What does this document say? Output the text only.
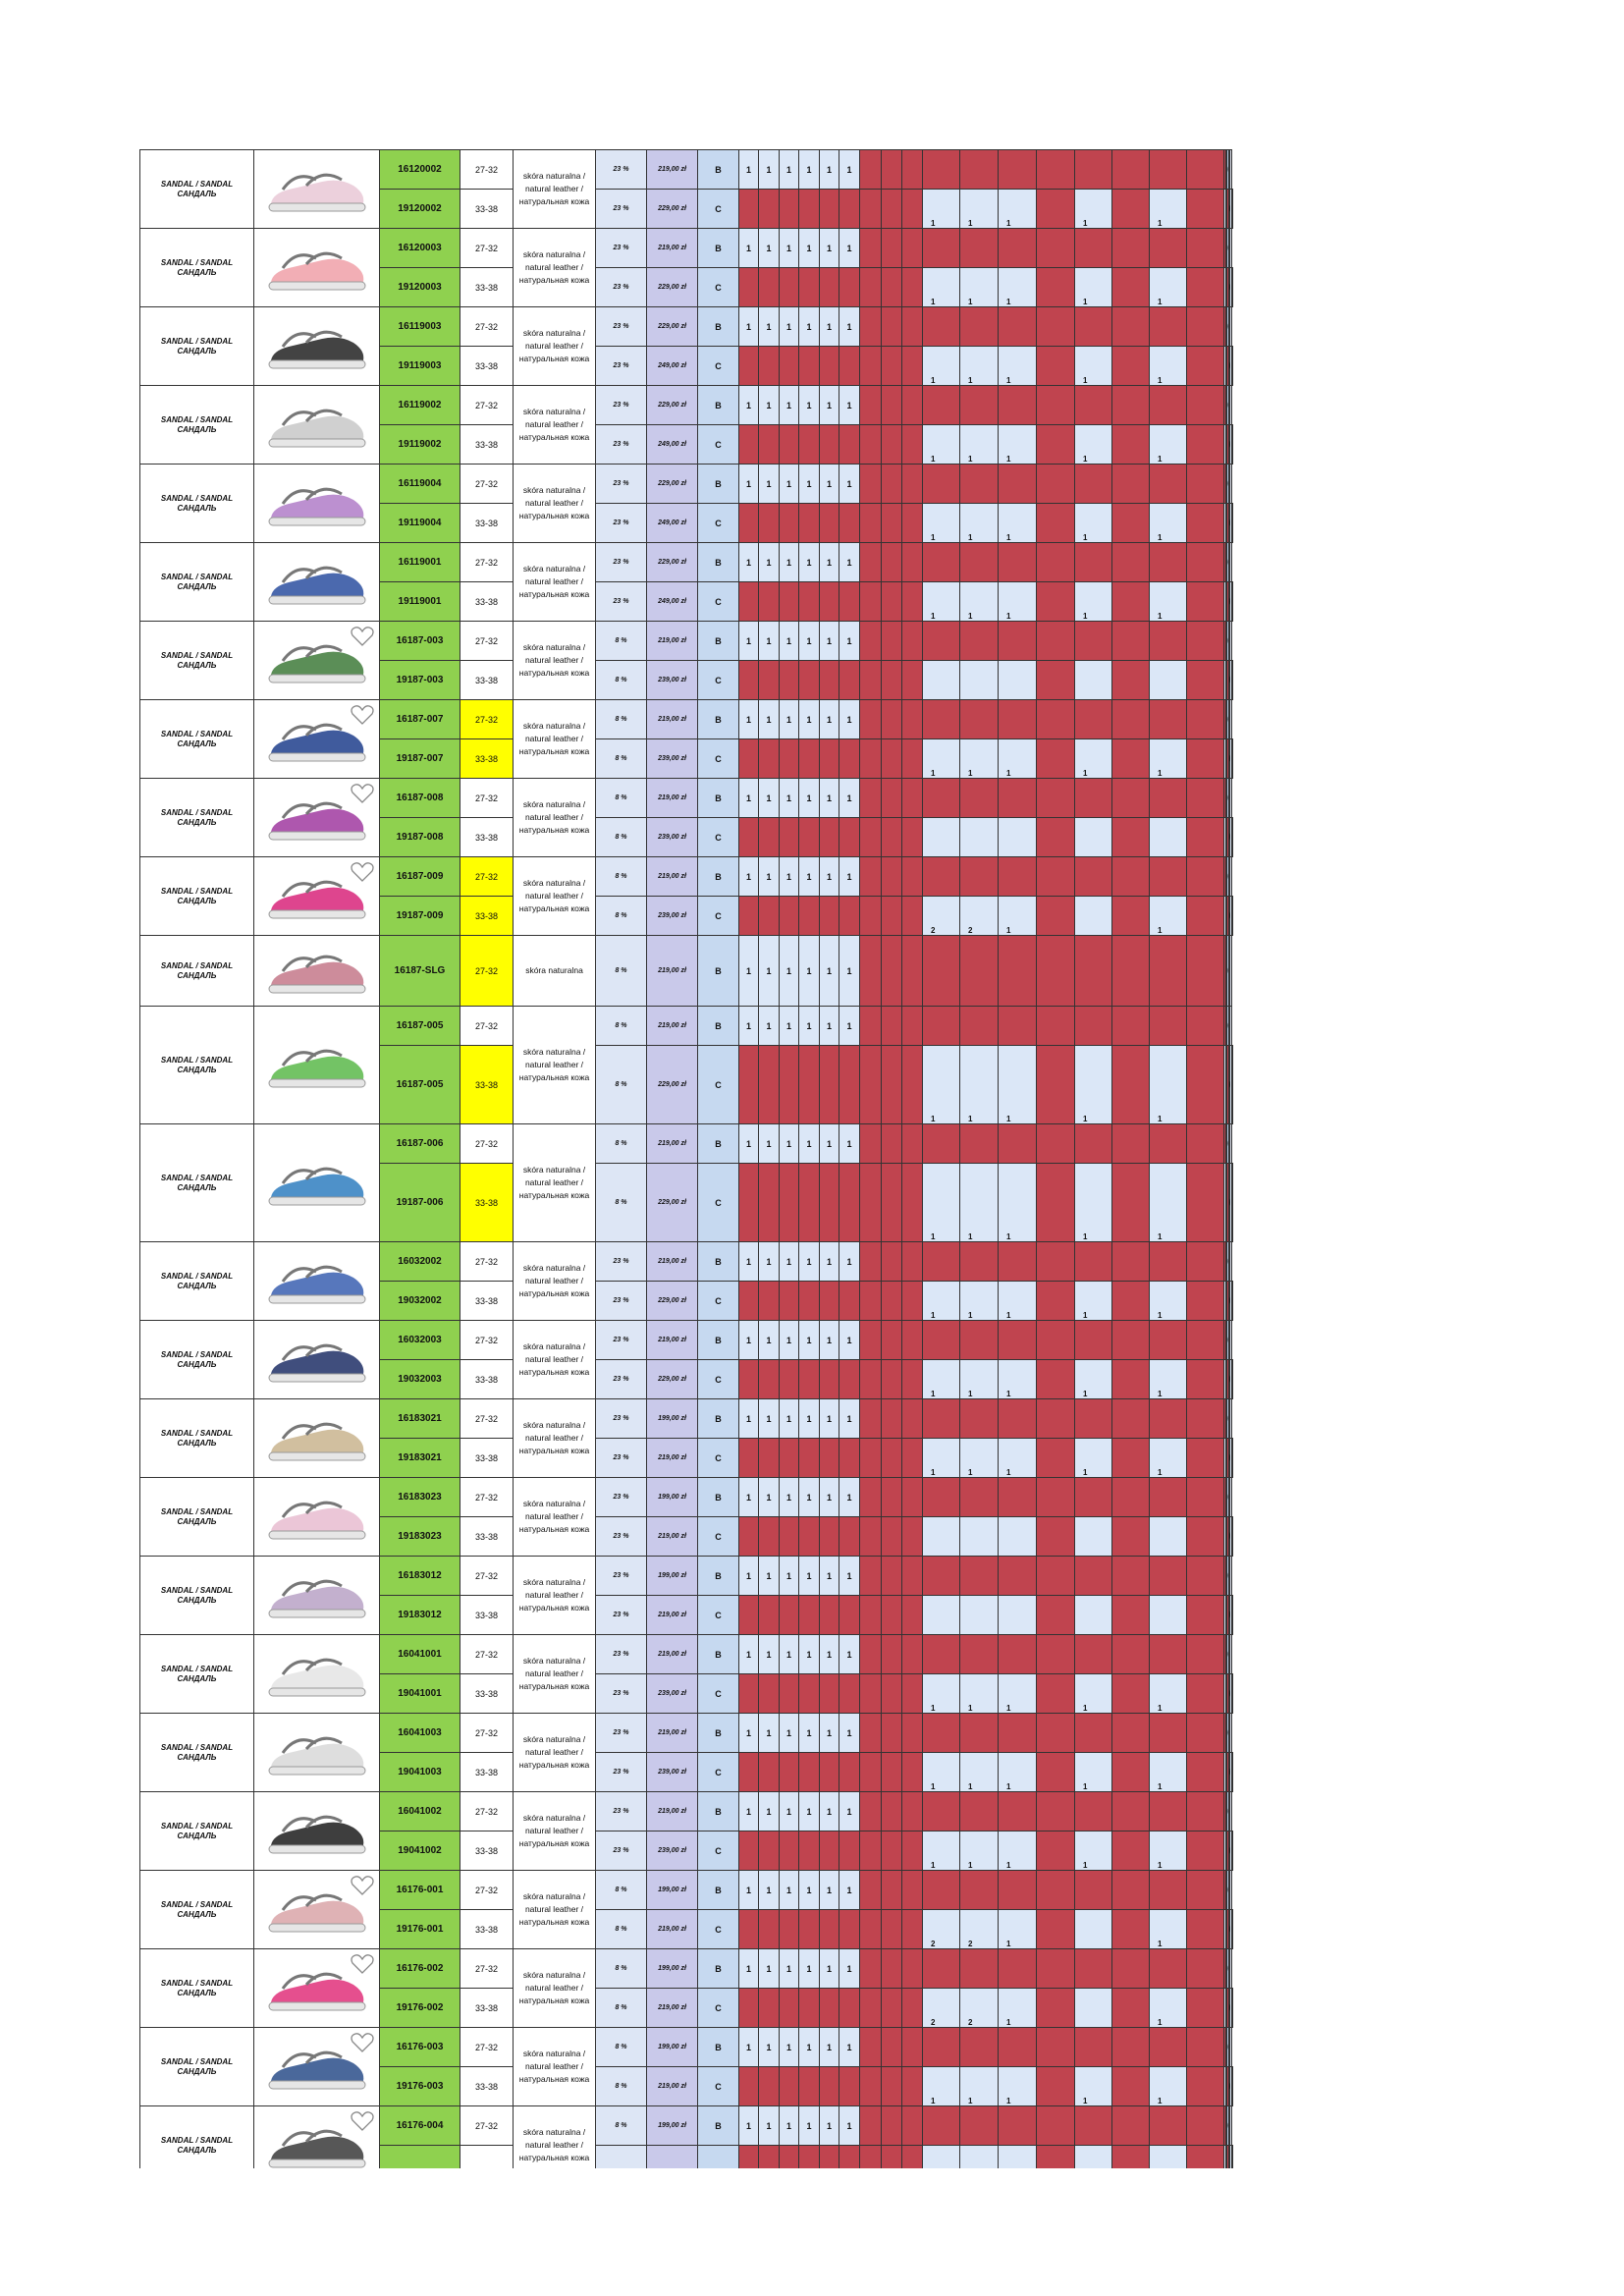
SANDAL / SANDAL
САНДАЛЬ		16120002	27-32	skóra naturalna /
natural leather /
натуральная кожа	23 %	219,00 zł	B	1	1	1	1	1	1																
		19120002	33-38		23 %	229,00 zł	C										1	1	1		1		1

SANDAL / SANDAL
САНДАЛЬ		16120003	27-32	skóra naturalna /
natural leather /
натуральная кожа	23 %	219,00 zł	B	1	1	1	1	1	1																
		19120003	33-38		23 %	229,00 zł	C										1	1	1		1		1

SANDAL / SANDAL
САНДАЛЬ		16119003	27-32	skóra naturalna /
natural leather /
натуральная кожа	23 %	229,00 zł	B	1	1	1	1	1	1																
		19119003	33-38		23 %	249,00 zł	C										1	1	1		1		1

SANDAL / SANDAL
САНДАЛЬ		16119002	27-32	skóra naturalna /
natural leather /
натуральная кожа	23 %	229,00 zł	B	1	1	1	1	1	1																
		19119002	33-38		23 %	249,00 zł	C										1	1	1		1		1

SANDAL / SANDAL
САНДАЛЬ		16119004	27-32	skóra naturalna /
natural leather /
натуральная кожа	23 %	229,00 zł	B	1	1	1	1	1	1																
		19119004	33-38		23 %	249,00 zł	C										1	1	1		1		1

SANDAL / SANDAL
САНДАЛЬ		16119001	27-32	skóra naturalna /
natural leather /
натуральная кожа	23 %	229,00 zł	B	1	1	1	1	1	1																
		19119001	33-38		23 %	249,00 zł	C										1	1	1		1		1

SANDAL / SANDAL
САНДАЛЬ		16187-003	27-32	skóra naturalna /
natural leather /
натуральная кожа	8 %	219,00 zł	B	1	1	1	1	1	1																
		19187-003	33-38		8 %	239,00 zł	C										

SANDAL / SANDAL
САНДАЛЬ		16187-007	27-32	skóra naturalna /
natural leather /
натуральная кожа	8 %	219,00 zł	B	1	1	1	1	1	1																
		19187-007	33-38		8 %	239,00 zł	C										1	1	1		1		1

SANDAL / SANDAL
САНДАЛЬ		16187-008	27-32	skóra naturalna /
natural leather /
натуральная кожа	8 %	219,00 zł	B	1	1	1	1	1	1																
		19187-008	33-38		8 %	239,00 zł	C										

SANDAL / SANDAL
САНДАЛЬ		16187-009	27-32	skóra naturalna /
natural leather /
натуральная кожа	8 %	219,00 zł	B	1	1	1	1	1	1																
		19187-009	33-38		8 %	239,00 zł	C										2	2	1				1

SANDAL / SANDAL
САНДАЛЬ		16187-SLG	27-32	skóra naturalna	8 %	219,00 zł	B	1	1	1	1	1	1																
SANDAL / SANDAL
САНДАЛЬ		16187-005	27-32	skóra naturalna /
natural leather /
натуральная кожа	8 %	219,00 zł	B	1	1	1	1	1	1																
		16187-005	33-38		8 %	229,00 zł	C										1	1	1		1		1

SANDAL / SANDAL
САНДАЛЬ		16187-006	27-32	skóra naturalna /
natural leather /
натуральная кожа	8 %	219,00 zł	B	1	1	1	1	1	1																
		19187-006	33-38		8 %	229,00 zł	C										1	1	1		1		1

SANDAL / SANDAL
САНДАЛЬ		16032002	27-32	skóra naturalna /
natural leather /
натуральная кожа	23 %	219,00 zł	B	1	1	1	1	1	1																
		19032002	33-38		23 %	229,00 zł	C										1	1	1		1		1

SANDAL / SANDAL
САНДАЛЬ		16032003	27-32	skóra naturalna /
natural leather /
натуральная кожа	23 %	219,00 zł	B	1	1	1	1	1	1																
		19032003	33-38		23 %	229,00 zł	C										1	1	1		1		1

SANDAL / SANDAL
САНДАЛЬ		16183021	27-32	skóra naturalna /
natural leather /
натуральная кожа	23 %	199,00 zł	B	1	1	1	1	1	1																
		19183021	33-38		23 %	219,00 zł	C										1	1	1		1		1

SANDAL / SANDAL
САНДАЛЬ		16183023	27-32	skóra naturalna /
natural leather /
натуральная кожа	23 %	199,00 zł	B	1	1	1	1	1	1																
		19183023	33-38		23 %	219,00 zł	C										

SANDAL / SANDAL
САНДАЛЬ		16183012	27-32	skóra naturalna /
natural leather /
натуральная кожа	23 %	199,00 zł	B	1	1	1	1	1	1																
		19183012	33-38		23 %	219,00 zł	C										

SANDAL / SANDAL
САНДАЛЬ		16041001	27-32	skóra naturalna /
natural leather /
натуральная кожа	23 %	219,00 zł	B	1	1	1	1	1	1																
		19041001	33-38		23 %	239,00 zł	C										1	1	1		1		1

SANDAL / SANDAL
САНДАЛЬ		16041003	27-32	skóra naturalna /
natural leather /
натуральная кожа	23 %	219,00 zł	B	1	1	1	1	1	1																
		19041003	33-38		23 %	239,00 zł	C										1	1	1		1		1

SANDAL / SANDAL
САНДАЛЬ		16041002	27-32	skóra naturalna /
natural leather /
натуральная кожа	23 %	219,00 zł	B	1	1	1	1	1	1																
		19041002	33-38		23 %	239,00 zł	C										1	1	1		1		1

SANDAL / SANDAL
САНДАЛЬ		16176-001	27-32	skóra naturalna /
natural leather /
натуральная кожа	8 %	199,00 zł	B	1	1	1	1	1	1																
		19176-001	33-38		8 %	219,00 zł	C										2	2	1				1

SANDAL / SANDAL
САНДАЛЬ		16176-002	27-32	skóra naturalna /
natural leather /
натуральная кожа	8 %	199,00 zł	B	1	1	1	1	1	1																
		19176-002	33-38		8 %	219,00 zł	C										2	2	1				1

SANDAL / SANDAL
САНДАЛЬ		16176-003	27-32	skóra naturalna /
natural leather /
натуральная кожа	8 %	199,00 zł	B	1	1	1	1	1	1																
		19176-003	33-38		8 %	219,00 zł	C										1	1	1		1		1

SANDAL / SANDAL
САНДАЛЬ		16176-004	27-32	skóra naturalna /
natural leather /
натуральная кожа	8 %	199,00 zł	B	1	1	1	1	1	1																
